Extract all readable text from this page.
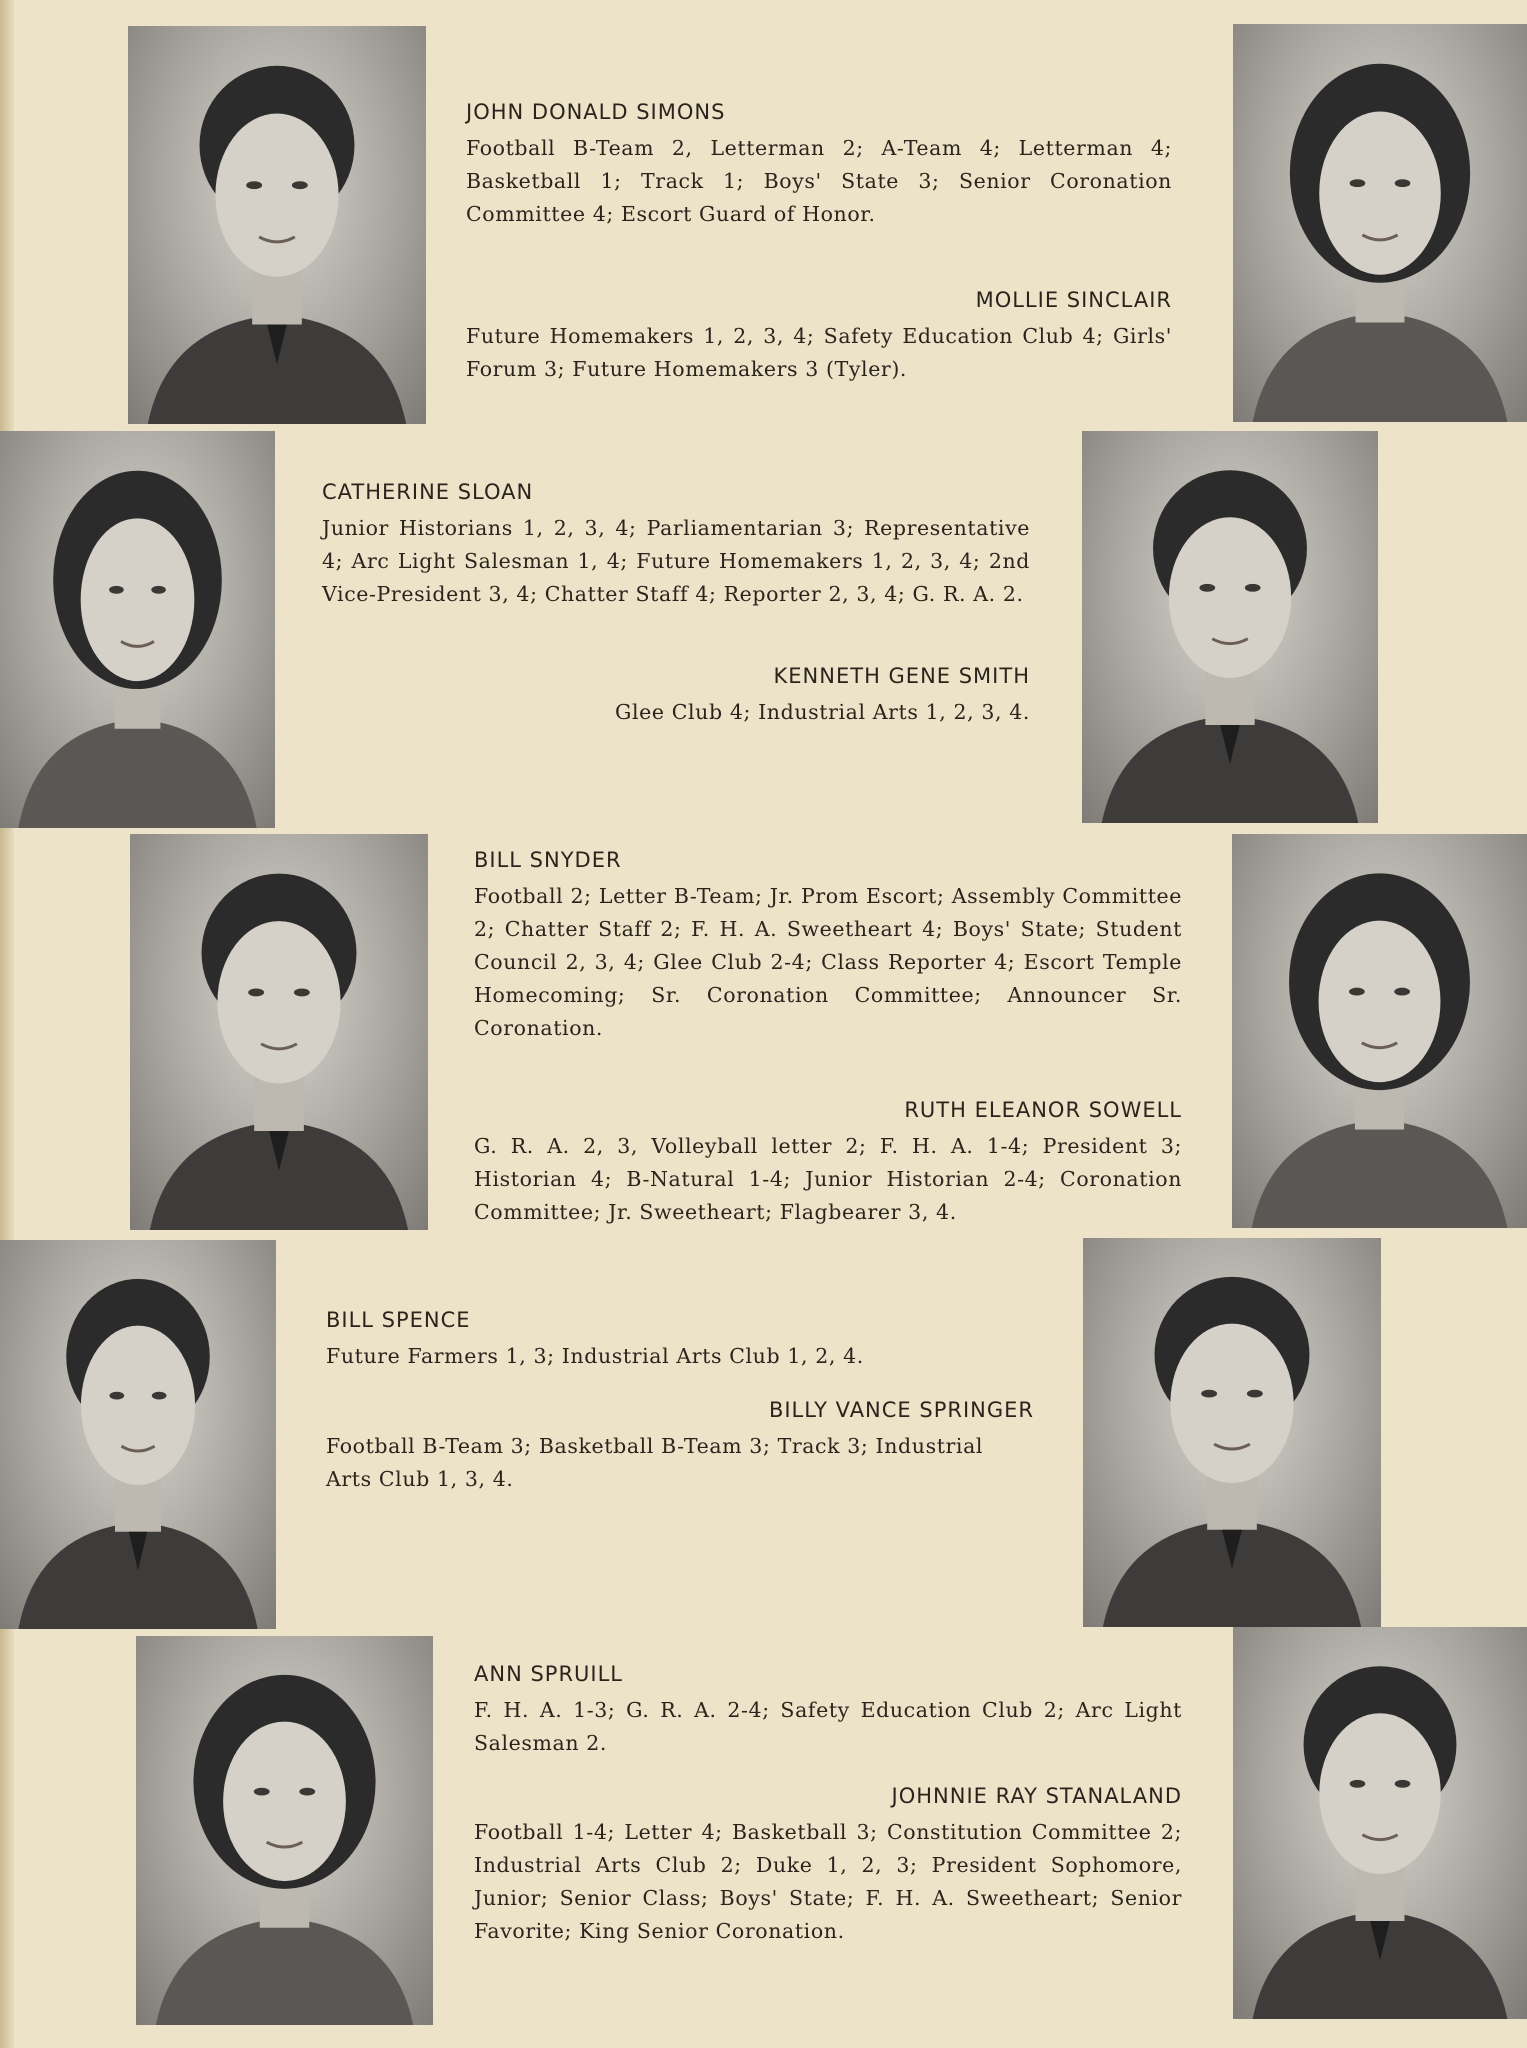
JOHN DONALD SIMONS

Football B-Team 2, Letterman 2; A-Team 4; Letterman 4; Basketball 1; Track 1; Boys' State 3; Senior Coronation Committee 4; Escort Guard of Honor.

MOLLIE SINCLAIR

Future Homemakers 1, 2, 3, 4; Safety Education Club 4; Girls' Forum 3; Future Homemakers 3 (Tyler).

CATHERINE SLOAN

Junior Historians 1, 2, 3, 4; Parliamentarian 3; Representative 4; Arc Light Salesman 1, 4; Future Homemakers 1, 2, 3, 4; 2nd Vice-President 3, 4; Chatter Staff 4; Reporter 2, 3, 4; G. R. A. 2.

KENNETH GENE SMITH

Glee Club 4; Industrial Arts 1, 2, 3, 4.

BILL SNYDER

Football 2; Letter B-Team; Jr. Prom Escort; Assembly Committee 2; Chatter Staff 2; F. H. A. Sweetheart 4; Boys' State; Student Council 2, 3, 4; Glee Club 2-4; Class Reporter 4; Escort Temple Homecoming; Sr. Coronation Committee; Announcer Sr. Coronation.

RUTH ELEANOR SOWELL

G. R. A. 2, 3, Volleyball letter 2; F. H. A. 1-4; President 3; Historian 4; B-Natural 1-4; Junior Historian 2-4; Coronation Committee; Jr. Sweetheart; Flagbearer 3, 4.

BILL SPENCE

Future Farmers 1, 3; Industrial Arts Club 1, 2, 4.

BILLY VANCE SPRINGER

Football B-Team 3; Basketball B-Team 3; Track 3; Industrial Arts Club 1, 3, 4.

ANN SPRUILL

F. H. A. 1-3; G. R. A. 2-4; Safety Education Club 2; Arc Light Salesman 2.

JOHNNIE RAY STANALAND

Football 1-4; Letter 4; Basketball 3; Constitution Committee 2; Industrial Arts Club 2; Duke 1, 2, 3; President Sophomore, Junior; Senior Class; Boys' State; F. H. A. Sweetheart; Senior Favorite; King Senior Coronation.
